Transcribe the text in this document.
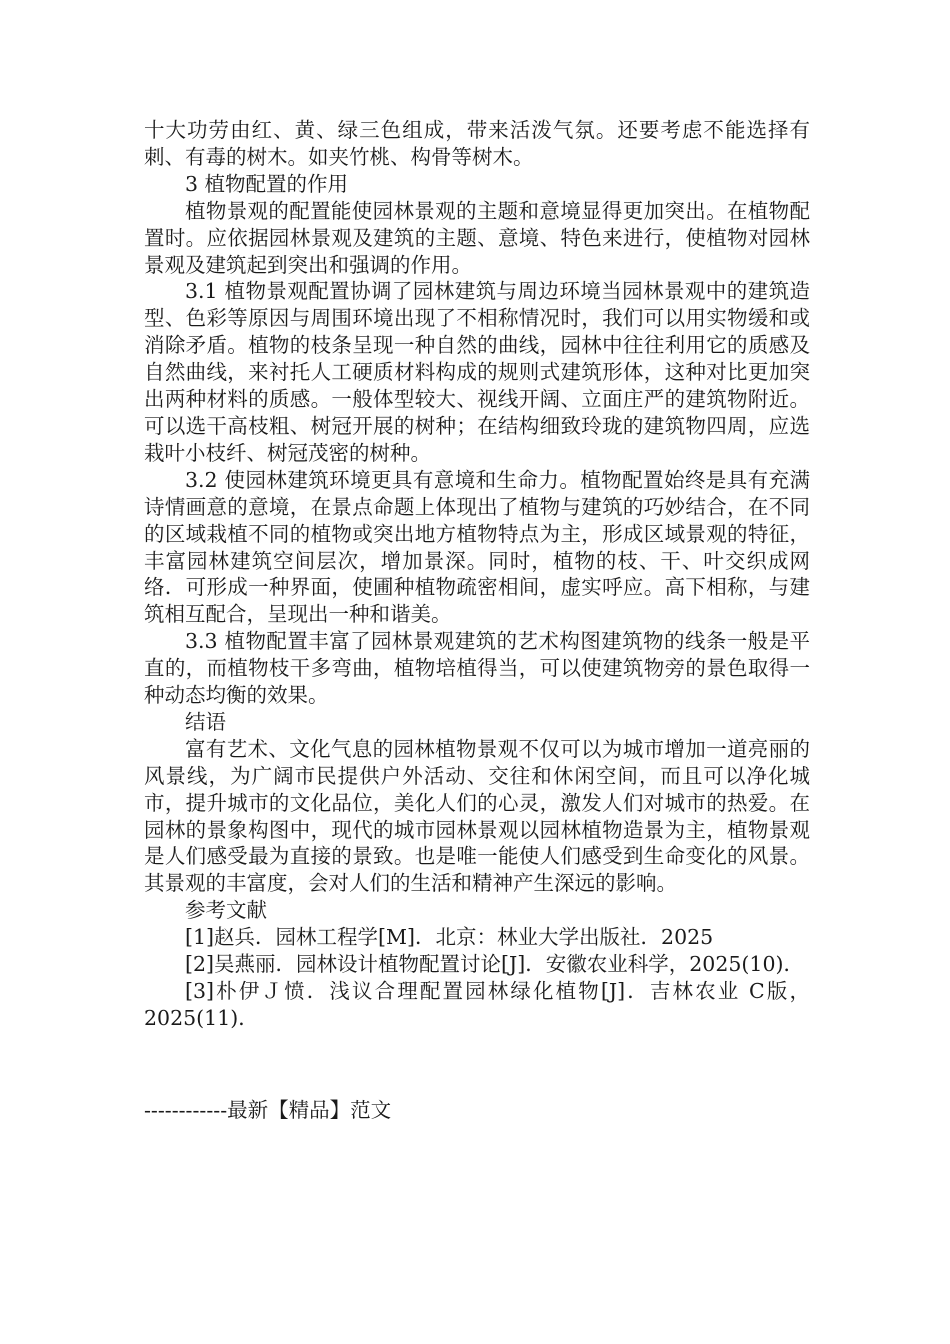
十大功劳由红、黄、绿三色组成，带来活泼气氛。还要考虑不能选择有刺、有毒的树木。如夹竹桃、构骨等树木。

3 植物配置的作用

植物景观的配置能使园林景观的主题和意境显得更加突出。在植物配置时。应依据园林景观及建筑的主题、意境、特色来进行，使植物对园林景观及建筑起到突出和强调的作用。

3.1 植物景观配置协调了园林建筑与周边环境当园林景观中的建筑造型、色彩等原因与周围环境出现了不相称情况时，我们可以用实物缓和或消除矛盾。植物的枝条呈现一种自然的曲线，园林中往往利用它的质感及自然曲线，来衬托人工硬质材料构成的规则式建筑形体，这种对比更加突出两种材料的质感。一般体型较大、视线开阔、立面庄严的建筑物附近。可以选干高枝粗、树冠开展的树种；在结构细致玲珑的建筑物四周，应选栽叶小枝纤、树冠茂密的树种。

3.2 使园林建筑环境更具有意境和生命力。植物配置始终是具有充满诗情画意的意境，在景点命题上体现出了植物与建筑的巧妙结合，在不同的区域栽植不同的植物或突出地方植物特点为主，形成区域景观的特征，丰富园林建筑空间层次，增加景深。同时，植物的枝、干、叶交织成网络．可形成一种界面，使圃种植物疏密相间，虚实呼应。高下相称，与建筑相互配合，呈现出一种和谐美。

3.3 植物配置丰富了园林景观建筑的艺术构图建筑物的线条一般是平直的，而植物枝干多弯曲，植物培植得当，可以使建筑物旁的景色取得一种动态均衡的效果。

结语

富有艺术、文化气息的园林植物景观不仅可以为城市增加一道亮丽的风景线，为广阔市民提供户外活动、交往和休闲空间，而且可以净化城市，提升城市的文化品位，美化人们的心灵，激发人们对城市的热爱。在园林的景象构图中，现代的城市园林景观以园林植物造景为主，植物景观是人们感受最为直接的景致。也是唯一能使人们感受到生命变化的风景。其景观的丰富度，会对人们的生活和精神产生深远的影响。

参考文献

[1]赵兵．园林工程学[M]．北京：林业大学出版社．2025

[2]吴燕丽．园林设计植物配置讨论[J]．安徽农业科学，2025(10)．

[3]朴伊Ｊ愤．浅议合理配置园林绿化植物[J]．吉林农业 C版，2025(11)．

------------最新【精品】范文
